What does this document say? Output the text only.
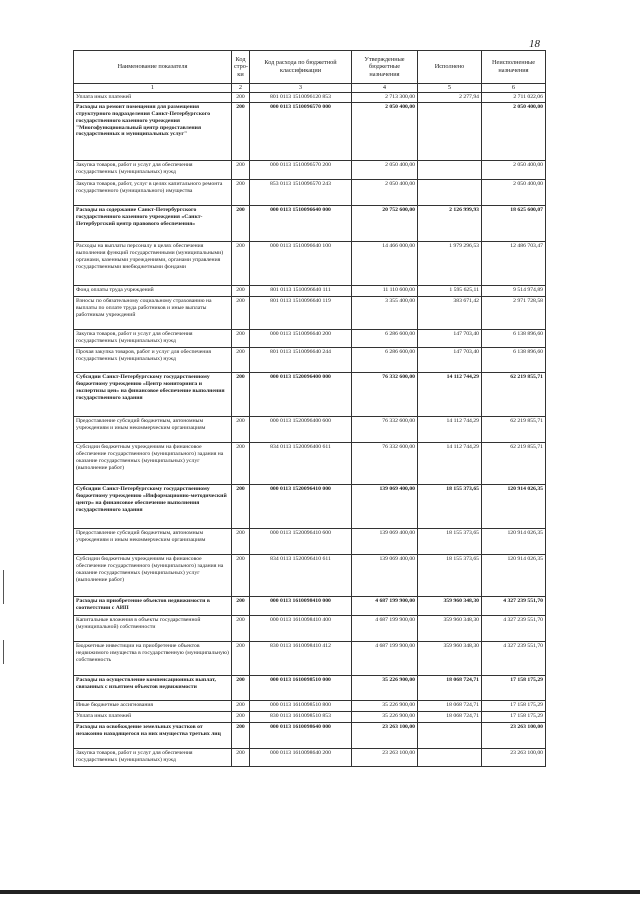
18
Наименование показателя	Код стро-ки	Код расхода по бюджетной классификации	Утвержденные бюджетные назначения	Исполнено	Неисполненные назначения
1	2	3	4	5	6
Уплата иных платежей	200	801 0113 1510096120 853	2 713 300,00	2 277,94	2 711 022,06
Расходы на ремонт помещения для размещения структурного подразделения Санкт-Петербургского государственного казенного учреждения "Многофункциональный центр предоставления государственных и муниципальных услуг"	200	000 0113 1510096570 000	2 050 400,00		2 050 400,00
Закупка товаров, работ и услуг для обеспечения государственных (муниципальных) нужд	200	000 0113 1510096570 200	2 050 400,00		2 050 400,00
Закупка товаров, работ, услуг в целях капитального ремонта государственного (муниципального) имущества	200	853 0113 1510096570 243	2 050 400,00		2 050 400,00
Расходы на содержание Санкт-Петербургского государственного казенного учреждения «Санкт-Петербургский центр правового обеспечения»	200	000 0113 1510096640 000	20 752 600,00	2 126 999,93	18 625 600,07
Расходы на выплаты персоналу в целях обеспечения выполнения функций государственными (муниципальными) органами, казенными учреждениями, органами управления государственными внебюджетными фондами	200	000 0113 1510096640 100	14 466 000,00	1 979 296,53	12 486 703,47
Фонд оплаты труда учреждений	200	801 0113 1510096640 111	11 110 600,00	1 595 625,11	9 514 974,89
Взносы по обязательному социальному страхованию на выплаты по оплате труда работников и иные выплаты работникам учреждений	200	801 0113 1510096640 119	3 355 400,00	383 671,42	2 971 728,58
Закупка товаров, работ и услуг для обеспечения государственных (муниципальных) нужд	200	000 0113 1510096640 200	6 286 600,00	147 703,40	6 138 896,60
Прочая закупка товаров, работ и услуг для обеспечения государственных (муниципальных) нужд	200	801 0113 1510096640 244	6 286 600,00	147 703,40	6 138 896,60
Субсидии Санкт-Петербургскому государственному бюджетному учреждению «Центр мониторинга и экспертизы цен» на финансовое обеспечение выполнения государственного задания	200	000 0113 1520096400 000	76 332 600,00	14 112 744,29	62 219 855,71
Предоставление субсидий бюджетным, автономным учреждениям и иным некоммерческим организациям	200	000 0113 1520096400 600	76 332 600,00	14 112 744,29	62 219 855,71
Субсидии бюджетным учреждениям на финансовое обеспечение государственного (муниципального) задания на оказание государственных (муниципальных) услуг (выполнение работ)	200	834 0113 1520096400 611	76 332 600,00	14 112 744,29	62 219 855,71
Субсидии Санкт-Петербургскому государственному бюджетному учреждению «Информационно-методический центр» на финансовое обеспечение выполнения государственного задания	200	000 0113 1520096410 000	139 069 400,00	18 155 373,65	120 914 026,35
Предоставление субсидий бюджетным, автономным учреждениям и иным некоммерческим организациям	200	000 0113 1520096410 600	139 069 400,00	18 155 373,65	120 914 026,35
Субсидии бюджетным учреждениям на финансовое обеспечение государственного (муниципального) задания на оказание государственных (муниципальных) услуг (выполнение работ)	200	834 0113 1520096410 611	139 069 400,00	18 155 373,65	120 914 026,35
Расходы на приобретение объектов недвижимости в соответствии с АИП	200	000 0113 1610098410 000	4 687 199 900,00	359 960 348,30	4 327 239 551,70
Капитальные вложения в объекты государственной (муниципальной) собственности	200	000 0113 1610098410 400	4 687 199 900,00	359 960 348,30	4 327 239 551,70
Бюджетные инвестиции на приобретение объектов недвижимого имущества в государственную (муниципальную) собственность	200	830 0113 1610098410 412	4 687 199 900,00	359 960 348,30	4 327 239 551,70
Расходы на осуществление компенсационных выплат, связанных с изъятием объектов недвижимости	200	000 0113 1610098510 000	35 226 900,00	18 068 724,71	17 158 175,29
Иные бюджетные ассигнования	200	000 0113 1610098510 800	35 226 900,00	18 068 724,71	17 158 175,29
Уплата иных платежей	200	830 0113 1610098510 853	35 226 900,00	18 068 724,71	17 158 175,29
Расходы на освобождение земельных участков от незаконно находящегося на них имущества третьих лиц	200	000 0113 1610098640 000	23 263 100,00		23 263 100,00
Закупка товаров, работ и услуг для обеспечения государственных (муниципальных) нужд	200	000 0113 1610098640 200	23 263 100,00		23 263 100,00
